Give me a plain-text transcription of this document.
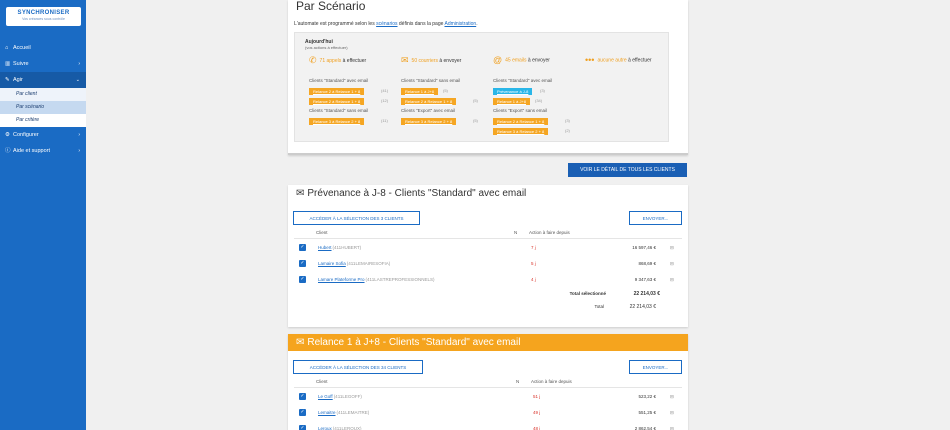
SYNCHRONISER
Vos créances sous contrôle
⌂ Accueil
▥ Suivre	›
✎ Agir	⌄
Par client
Par scénario
Par critère
⚙ Configurer	›
ⓘ Aide et support	›
Par Scénario
L'automate est programmé selon les scénarios définis dans la page Administration.
Aujourd'hui
(vos actions à effectuer)
✆ 71 appels à effectuer	✉ 50 courriers à envoyer	@ 45 emails à envoyer	••• aucune autre à effectuer
Clients "Standard" avec email
Relance 2 à Relance 1 + 8	(41)
Relance 2 à Relance 1 + 8	(12)
Clients "Standard" sans email
Relance 1 à J+8	(5)
Relance 2 à Relance 1 + 8	(5)
Clients "Standard" avec email
Prévenance à J-8	(3)
Relance 1 à J+8	(34)
Clients "Standard" sans email
Relance 3 à Relance 2 + 8	(11)
Clients "Export" avec email
Relance 3 à Relance 2 + 8	(5)
Clients "Export" sans email
Relance 2 à Relance 1 + 8	(3)
Relance 3 à Relance 2 + 8	(2)
VOIR LE DÉTAIL DE TOUS LES CLIENTS
✉ Prévenance à J-8 - Clients "Standard" avec email
ACCÉDER À LA SÉLECTION DES 3 CLIENTS	ENVOYER...
Client	N	Action à faire depuis
✓	Hubert(411HUBERT)	7 j	16 597,46 €	⊟
✓	Lamaire Sofia(411LEMAIRESOFIA)	5 j	868,69 €	⊟
✓	Lamare Plateforme Pro(411LASTREPROFESSIONNELS)	4 j	9 347,63 €	⊟
Total sélectionné	22 214,03 €
Total	22 214,03 €
✉ Relance 1 à J+8 - Clients "Standard" avec email
ACCÉDER À LA SÉLECTION DES 34 CLIENTS	ENVOYER...
Client	N	Action à faire depuis
✓	Le Goff(411LEGOFF)	51 j	523,22 €	⊟
✓	Lemaitre(411LEMAITRE)	49 j	551,25 €	⊟
✓	Leroux(411LEROUX)	48 j	2 862,54 €	⊟
